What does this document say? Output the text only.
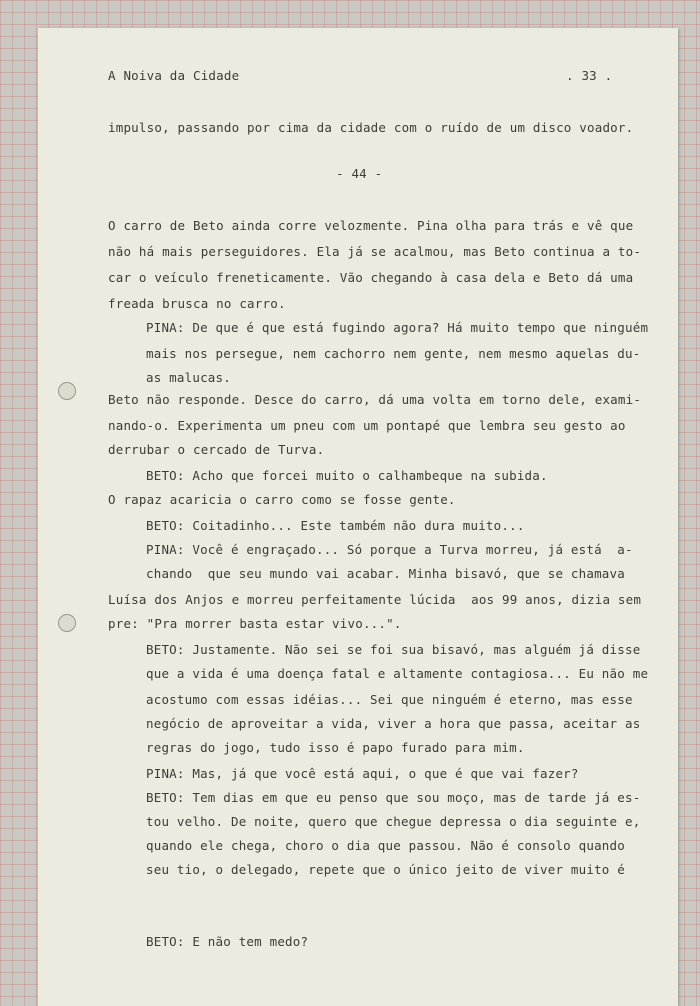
A Noiva da Cidade	. 33 .
impulso, passando por cima da cidade com o ruído de um disco voador.
- 44 -
O carro de Beto ainda corre velozmente. Pina olha para trás e vê que
não há mais perseguidores. Ela já se acalmou, mas Beto continua a to-
car o veículo freneticamente. Vão chegando à casa dela e Beto dá uma
freada brusca no carro.
PINA: De que é que está fugindo agora? Há muito tempo que ninguém
mais nos persegue, nem cachorro nem gente, nem mesmo aquelas du-
as malucas.
Beto não responde. Desce do carro, dá uma volta em torno dele, exami-
nando-o. Experimenta um pneu com um pontapé que lembra seu gesto ao
derrubar o cercado de Turva.
BETO: Acho que forcei muito o calhambeque na subida.
O rapaz acaricia o carro como se fosse gente.
BETO: Coitadinho... Este também não dura muito...
PINA: Você é engraçado... Só porque a Turva morreu, já está  a-
chando  que seu mundo vai acabar. Minha bisavó, que se chamava
Luísa dos Anjos e morreu perfeitamente lúcida  aos 99 anos, dizia sem
pre: "Pra morrer basta estar vivo...".
BETO: Justamente. Não sei se foi sua bisavó, mas alguém já disse
que a vida é uma doença fatal e altamente contagiosa... Eu não me
acostumo com essas idéias... Sei que ninguém é eterno, mas esse
negócio de aproveitar a vida, viver a hora que passa, aceitar as
regras do jogo, tudo isso é papo furado para mim.
PINA: Mas, já que você está aqui, o que é que vai fazer?
BETO: Tem dias em que eu penso que sou moço, mas de tarde já es-
tou velho. De noite, quero que chegue depressa o dia seguinte e,
quando ele chega, choro o dia que passou. Não é consolo quando
seu tio, o delegado, repete que o único jeito de viver muito é
BETO: E não tem medo?
